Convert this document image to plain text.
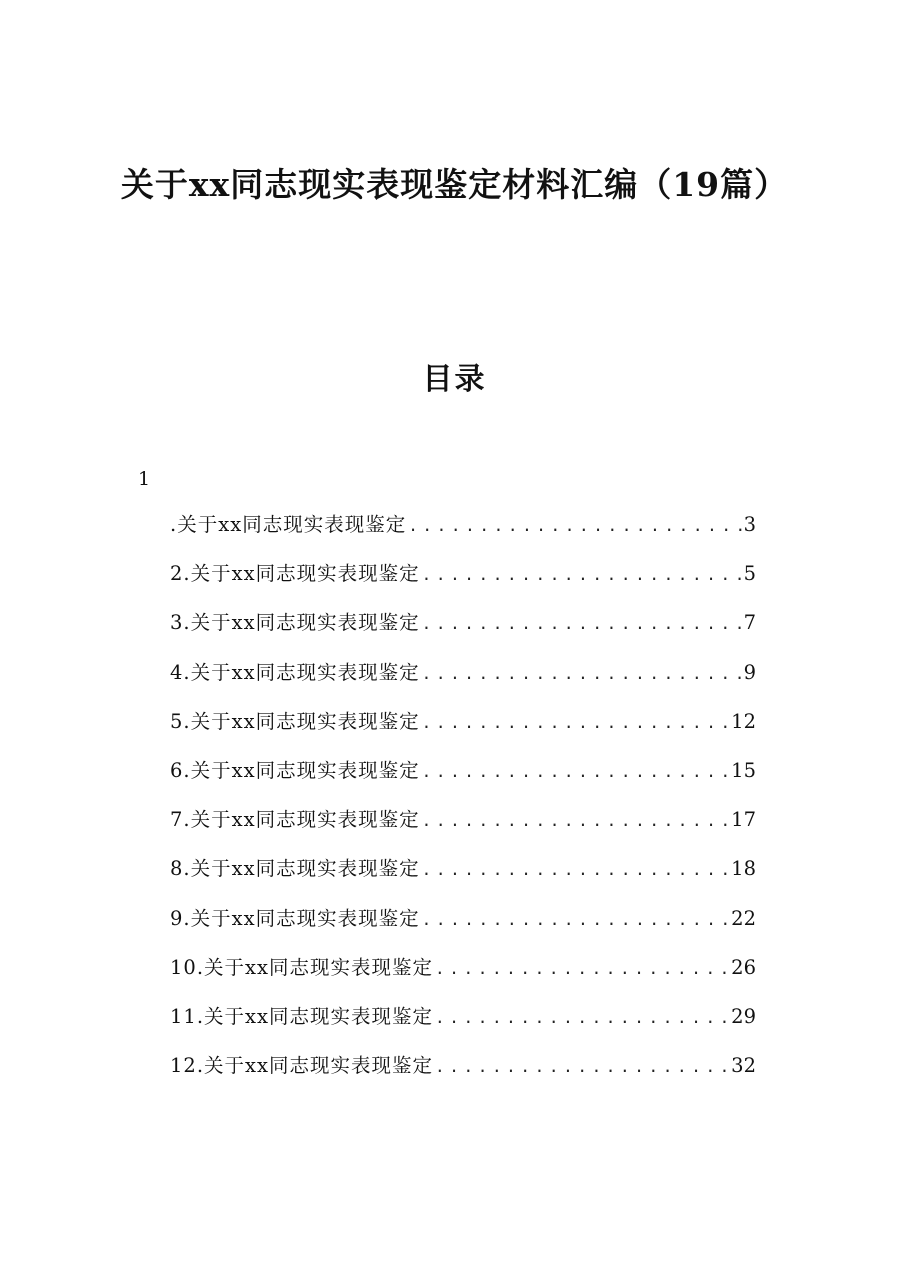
关于xx同志现实表现鉴定材料汇编（19篇）
目录
1
.关于xx同志现实表现鉴定 .....	3
2.关于xx同志现实表现鉴定 .....	5
3.关于xx同志现实表现鉴定 .....	7
4.关于xx同志现实表现鉴定 .....	9
5.关于xx同志现实表现鉴定 .....	12
6.关于xx同志现实表现鉴定 .....	15
7.关于xx同志现实表现鉴定 .....	17
8.关于xx同志现实表现鉴定 .....	18
9.关于xx同志现实表现鉴定 .....	22
10.关于xx同志现实表现鉴定 .....	26
11.关于xx同志现实表现鉴定 .....	29
12.关于xx同志现实表现鉴定 .....	32
